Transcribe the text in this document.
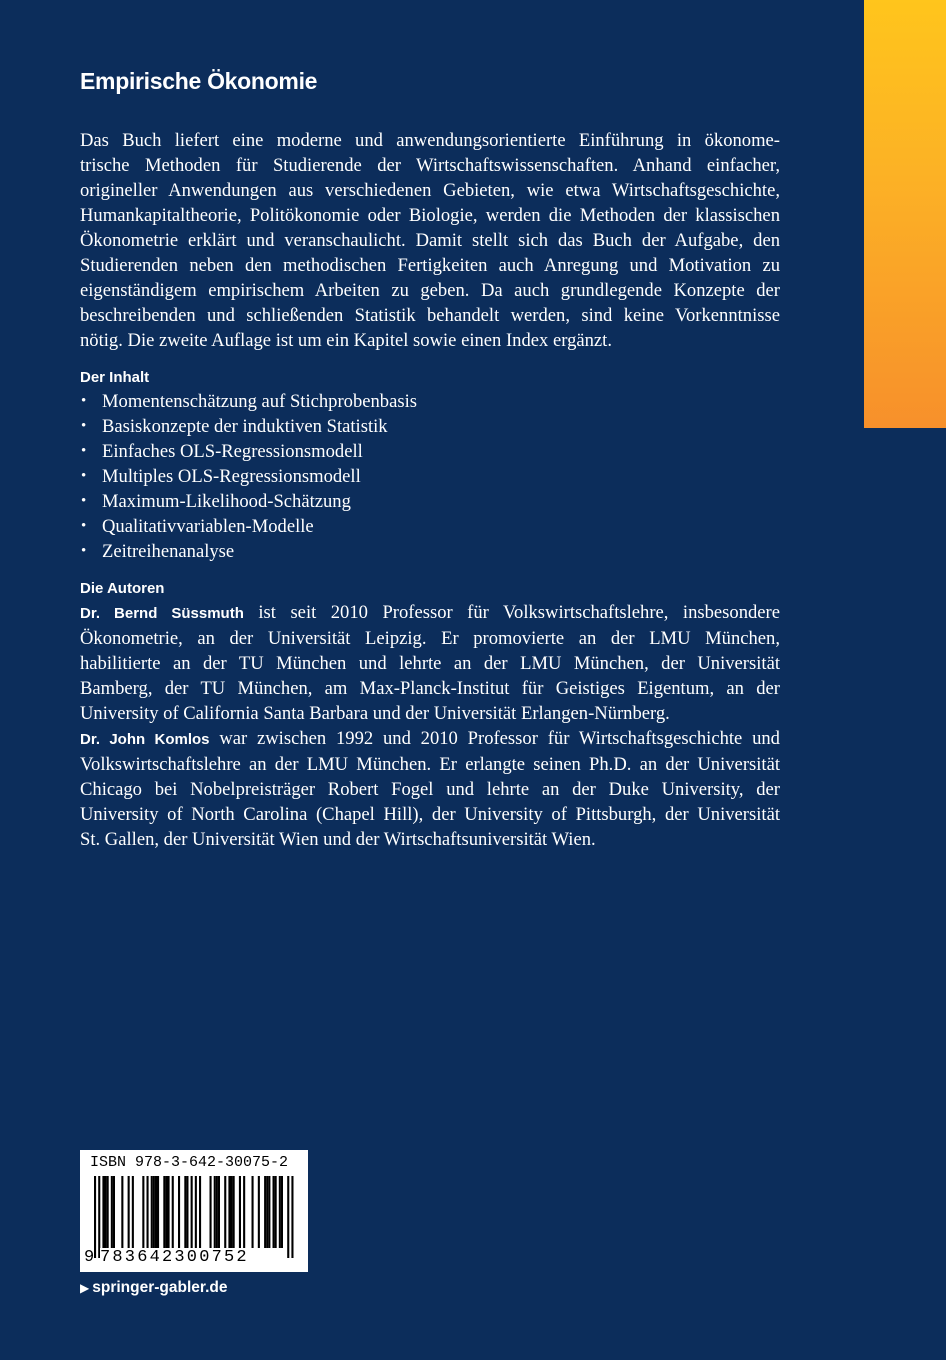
Empirische Ökonomie

Das Buch liefert eine moderne und anwendungsorientierte Einführung in ökonome-
trische Methoden für Studierende der Wirtschaftswissenschaften. Anhand einfacher,
origineller Anwendungen aus verschiedenen Gebieten, wie etwa Wirtschaftsgeschichte,
Humankapitaltheorie, Politökonomie oder Biologie, werden die Methoden der klassischen
Ökonometrie erklärt und veranschaulicht. Damit stellt sich das Buch der Aufgabe, den
Studierenden neben den methodischen Fertigkeiten auch Anregung und Motivation zu
eigenständigem empirischem Arbeiten zu geben. Da auch grundlegende Konzepte der
beschreibenden und schließenden Statistik behandelt werden, sind keine Vorkenntnisse
nötig. Die zweite Auflage ist um ein Kapitel sowie einen Index ergänzt.

Der Inhalt
• Momentenschätzung auf Stichprobenbasis
• Basiskonzepte der induktiven Statistik
• Einfaches OLS-Regressionsmodell
• Multiples OLS-Regressionsmodell
• Maximum-Likelihood-Schätzung
• Qualitativvariablen-Modelle
• Zeitreihenanalyse
Die Autoren

Dr. Bernd Süssmuth ist seit 2010 Professor für Volkswirtschaftslehre, insbesondere
Ökonometrie, an der Universität Leipzig. Er promovierte an der LMU München,
habilitierte an der TU München und lehrte an der LMU München, der Universität
Bamberg, der TU München, am Max-Planck-Institut für Geistiges Eigentum, an der
University of California Santa Barbara und der Universität Erlangen-Nürnberg.

Dr. John Komlos war zwischen 1992 und 2010 Professor für Wirtschaftsgeschichte und
Volkswirtschaftslehre an der LMU München. Er erlangte seinen Ph.D. an der Universität
Chicago bei Nobelpreisträger Robert Fogel und lehrte an der Duke University, der
University of North Carolina (Chapel Hill), der University of Pittsburgh, der Universität
St. Gallen, der Universität Wien und der Wirtschaftsuniversität Wien.

ISBN 978-3-642-30075-2
9 783642300752
▶ springer-gabler.de
